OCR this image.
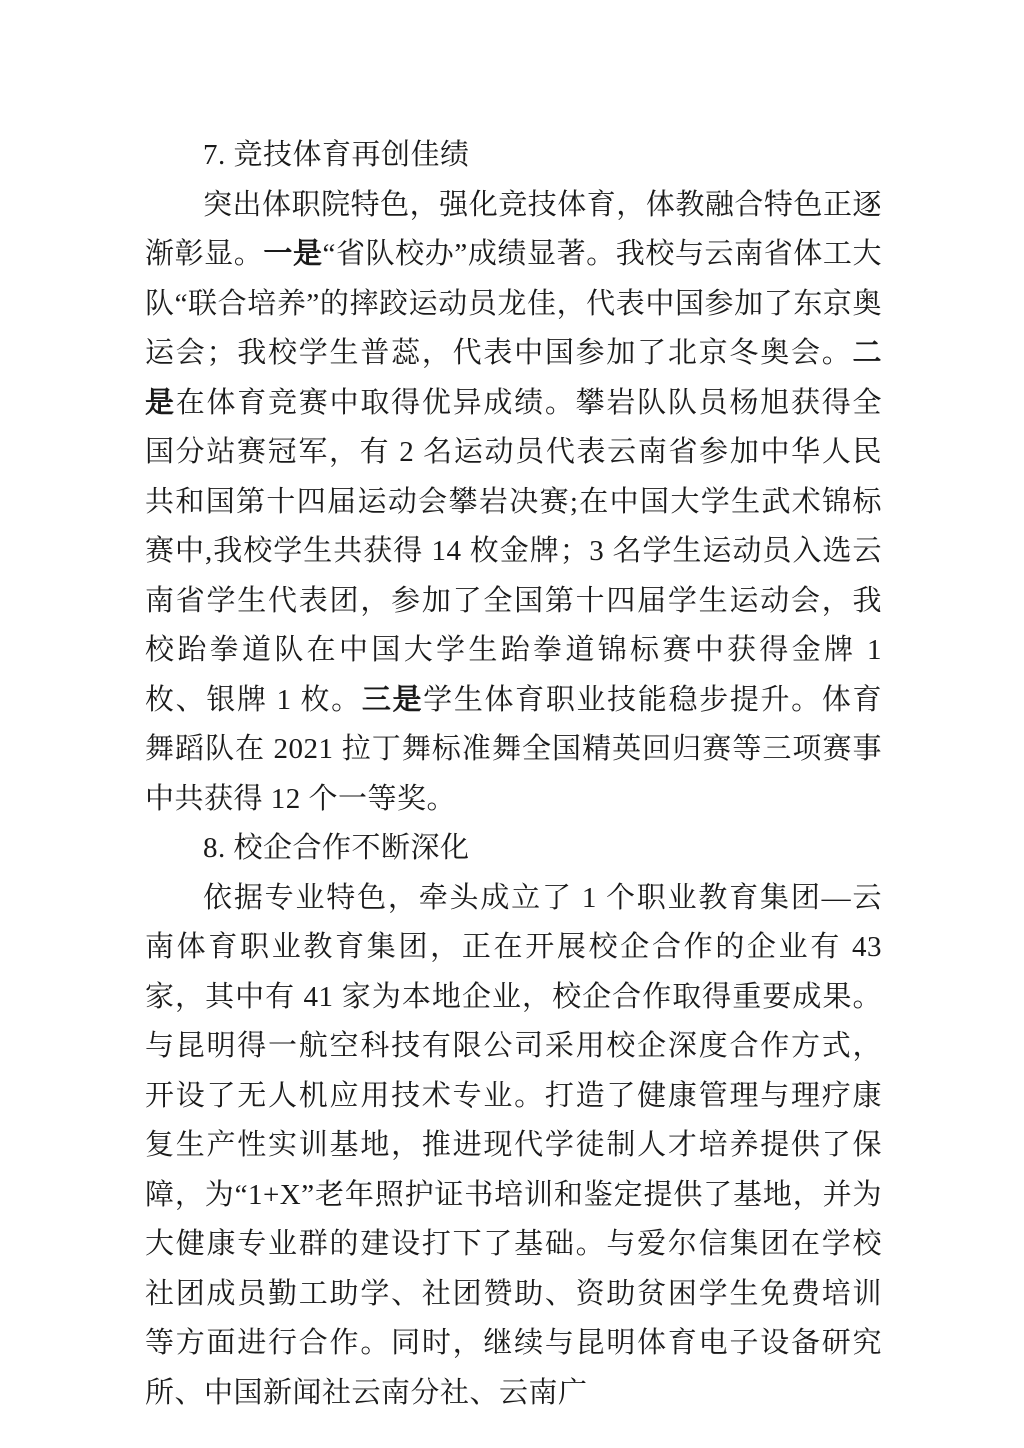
7. 竞技体育再创佳绩

突出体职院特色，强化竞技体育，体教融合特色正逐渐彰显。一是“省队校办”成绩显著。我校与云南省体工大队“联合培养”的摔跤运动员龙佳，代表中国参加了东京奥运会；我校学生普蕊，代表中国参加了北京冬奥会。二是在体育竞赛中取得优异成绩。攀岩队队员杨旭获得全国分站赛冠军，有 2 名运动员代表云南省参加中华人民共和国第十四届运动会攀岩决赛;在中国大学生武术锦标赛中,我校学生共获得 14 枚金牌；3 名学生运动员入选云南省学生代表团，参加了全国第十四届学生运动会，我校跆拳道队在中国大学生跆拳道锦标赛中获得金牌 1 枚、银牌 1 枚。三是学生体育职业技能稳步提升。体育舞蹈队在 2021 拉丁舞标准舞全国精英回归赛等三项赛事中共获得 12 个一等奖。

8. 校企合作不断深化

依据专业特色，牵头成立了 1 个职业教育集团—云南体育职业教育集团，正在开展校企合作的企业有 43 家，其中有 41 家为本地企业，校企合作取得重要成果。与昆明得一航空科技有限公司采用校企深度合作方式，开设了无人机应用技术专业。打造了健康管理与理疗康复生产性实训基地，推进现代学徒制人才培养提供了保障，为“1+X”老年照护证书培训和鉴定提供了基地，并为大健康专业群的建设打下了基础。与爱尔信集团在学校社团成员勤工助学、社团赞助、资助贫困学生免费培训等方面进行合作。同时，继续与昆明体育电子设备研究所、中国新闻社云南分社、云南广
